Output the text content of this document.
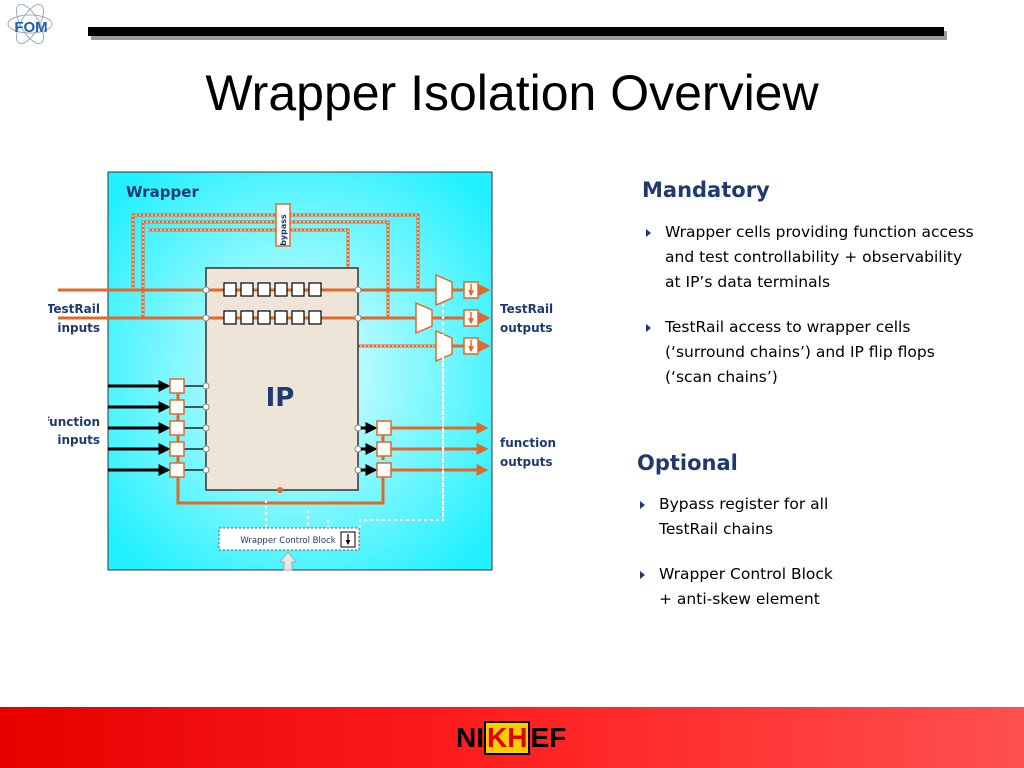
FOM
Wrapper Isolation Overview
Wrapper
bypass
IP
Wrapper Control Block
TestRail
inputs
function
inputs
TestRail
outputs
function
outputs
Mandatory
Wrapper cells providing function access
and test controllability + observability
at IP’s data terminals
TestRail access to wrapper cells
(‘surround chains’) and IP flip flops
(‘scan chains’)
Optional
Bypass register for all
TestRail chains
Wrapper Control Block
+ anti-skew element
NI KH EF
